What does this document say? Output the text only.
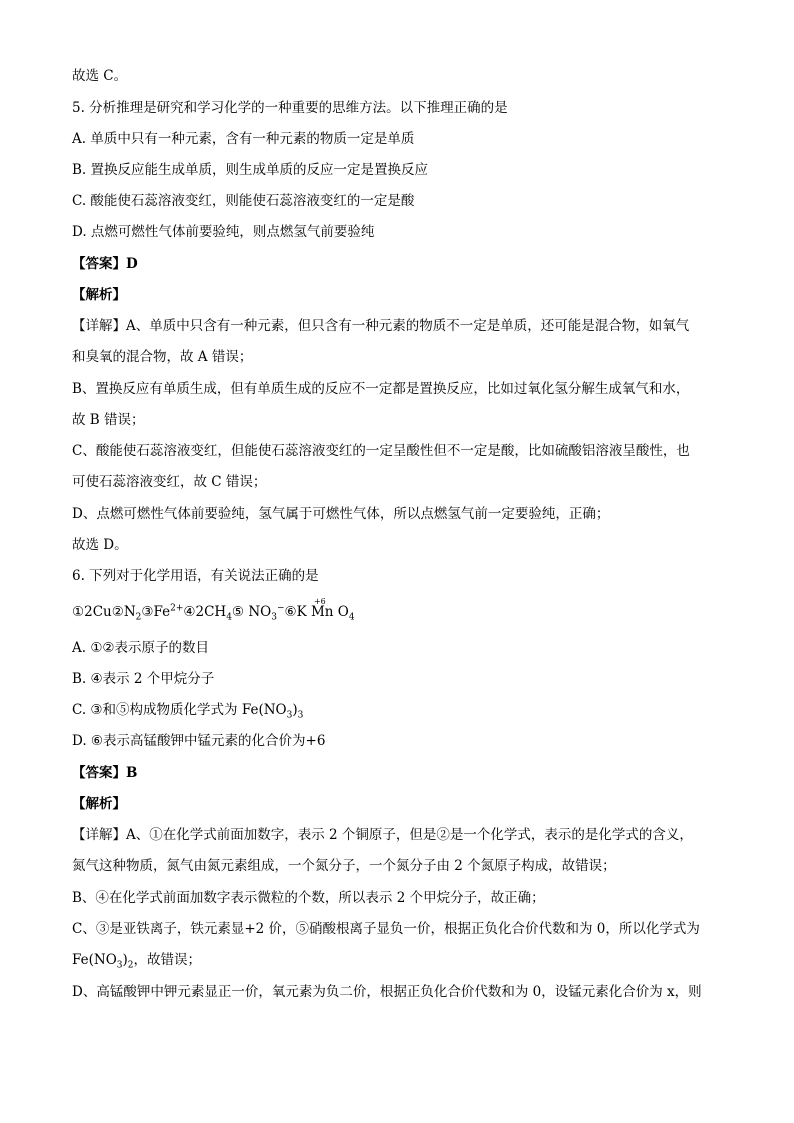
故选 C。
5. 分析推理是研究和学习化学的一种重要的思维方法。以下推理正确的是
A. 单质中只有一种元素，含有一种元素的物质一定是单质
B. 置换反应能生成单质，则生成单质的反应一定是置换反应
C. 酸能使石蕊溶液变红，则能使石蕊溶液变红的一定是酸
D. 点燃可燃性气体前要验纯，则点燃氢气前要验纯
【答案】D
【解析】
【详解】A、单质中只含有一种元素，但只含有一种元素的物质不一定是单质，还可能是混合物，如氧气
和臭氧的混合物，故 A 错误；
B、置换反应有单质生成，但有单质生成的反应不一定都是置换反应，比如过氧化氢分解生成氧气和水，
故 B 错误；
C、酸能使石蕊溶液变红，但能使石蕊溶液变红的一定呈酸性但不一定是酸，比如硫酸铝溶液呈酸性，也
可使石蕊溶液变红，故 C 错误；
D、点燃可燃性气体前要验纯，氢气属于可燃性气体，所以点燃氢气前一定要验纯，正确；
故选 D。
6. 下列对于化学用语，有关说法正确的是
$①2Cu②N_2③Fe^{2+}④2CH_4⑤$ $NO_3^-⑥K$
+6
Mn $O_4$
A. ①②表示原子的数目
B. ④表示 2 个甲烷分子
C. ③和⑤构成物质化学式为 $Fe(NO_3)_3$
D. ⑥表示高锰酸钾中锰元素的化合价为+6
【答案】B
【解析】
【详解】A、①在化学式前面加数字，表示 2 个铜原子，但是②是一个化学式，表示的是化学式的含义，
氮气这种物质，氮气由氮元素组成，一个氮分子，一个氮分子由 2 个氮原子构成，故错误；
B、④在化学式前面加数字表示微粒的个数，所以表示 2 个甲烷分子，故正确；
C、③是亚铁离子，铁元素显+2 价，⑤硝酸根离子显负一价，根据正负化合价代数和为 0，所以化学式为
$Fe(NO_3)_2$，故错误；
D、高锰酸钾中钾元素显正一价，氧元素为负二价，根据正负化合价代数和为 0，设锰元素化合价为 x，则
